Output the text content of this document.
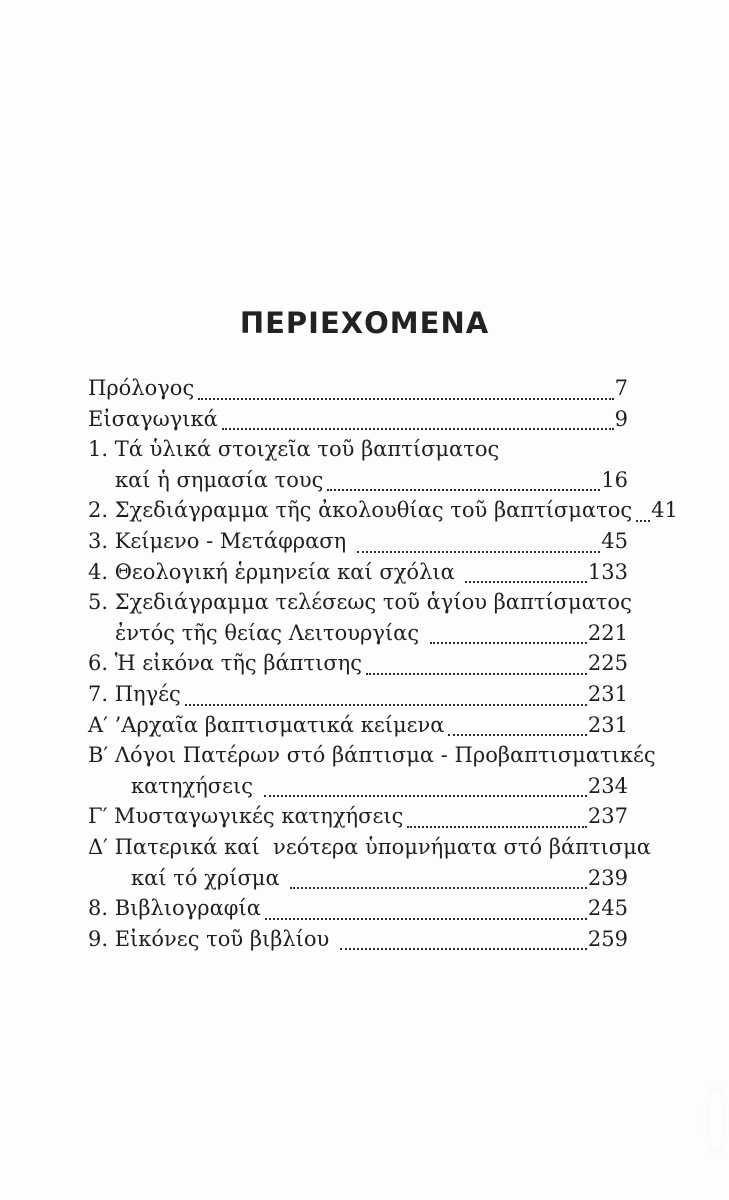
ΠΕΡΙΕΧΟΜΕΝΑ
Πρόλογος	7
Εἰσαγωγικά	9
1. Τά ὑλικά στοιχεῖα τοῦ βαπτίσματος
καί ἡ σημασία τους	16
2. Σχεδιάγραμμα τῆς ἀκολουθίας τοῦ βαπτίσματος 41
3. Κείμενο - Μετάφραση	45
4. Θεολογική ἑρμηνεία καί σχόλια	133
5. Σχεδιάγραμμα τελέσεως τοῦ ἁγίου βαπτίσματος
ἐντός τῆς θείας Λειτουργίας	221
6. Ἡ εἰκόνα τῆς βάπτισης	225
7. Πηγές	231
Α′ ’Αρχαῖα βαπτισματικά κείμενα	231
Β′ Λόγοι Πατέρων στό βάπτισμα - Προβαπτισματικές
κατηχήσεις	234
Γ′ Μυσταγωγικές κατηχήσεις	237
Δ′ Πατερικά καί  νεότερα ὑπομνήματα στό βάπτισμα
καί τό χρίσμα	239
8. Βιβλιογραφία	245
9. Εἰκόνες τοῦ βιβλίου	259
